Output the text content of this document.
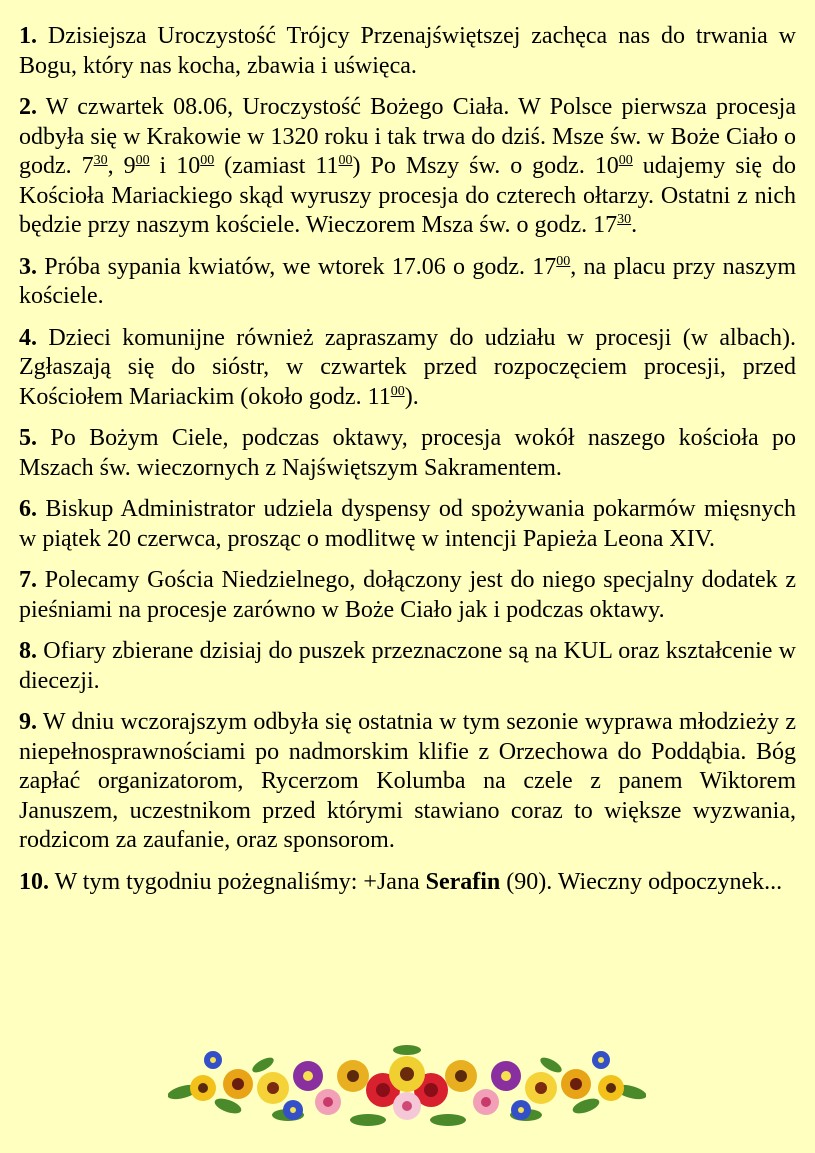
1. Dzisiejsza Uroczystość Trójcy Przenajświętszej zachęca nas do trwania w Bogu, który nas kocha, zbawia i uświęca.

2. W czwartek 08.06, Uroczystość Bożego Ciała. W Polsce pierwsza procesja odbyła się w Krakowie w 1320 roku i tak trwa do dziś. Msze św. w Boże Ciało o godz. $7^{30}$, $9^{00}$ i $10^{00}$ (zamiast $11^{00}$) Po Mszy św. o godz. $10^{00}$ udajemy się do Kościoła Mariackiego skąd wyruszy procesja do czterech ołtarzy. Ostatni z nich będzie przy naszym kościele. Wieczorem Msza św. o godz. $17^{30}$.

3. Próba sypania kwiatów, we wtorek 17.06 o godz. $17^{00}$, na placu przy naszym kościele.

4. Dzieci komunijne również zapraszamy do udziału w procesji (w albach). Zgłaszają się do sióstr, w czwartek przed rozpoczęciem procesji, przed Kościołem Mariackim (około godz. $11^{00}$).

5. Po Bożym Ciele, podczas oktawy, procesja wokół naszego kościoła po Mszach św. wieczornych z Najświętszym Sakramentem.

6. Biskup Administrator udziela dyspensy od spożywania pokarmów mięsnych w piątek 20 czerwca, prosząc o modlitwę w intencji Papieża Leona XIV.

7. Polecamy Gościa Niedzielnego, dołączony jest do niego specjalny dodatek z pieśniami na procesje zarówno w Boże Ciało jak i podczas oktawy.

8. Ofiary zbierane dzisiaj do puszek przeznaczone są na KUL oraz kształcenie w diecezji.

9. W dniu wczorajszym odbyła się ostatnia w tym sezonie wyprawa młodzieży z niepełnosprawnościami po nadmorskim klifie z Orzechowa do Poddąbia. Bóg zapłać organizatorom, Rycerzom Kolumba na czele z panem Wiktorem Januszem, uczestnikom przed którymi stawiano coraz to większe wyzwania, rodzicom za zaufanie, oraz sponsorom.

10. W tym tygodniu pożegnaliśmy: +Jana Serafin (90). Wieczny odpoczynek...
